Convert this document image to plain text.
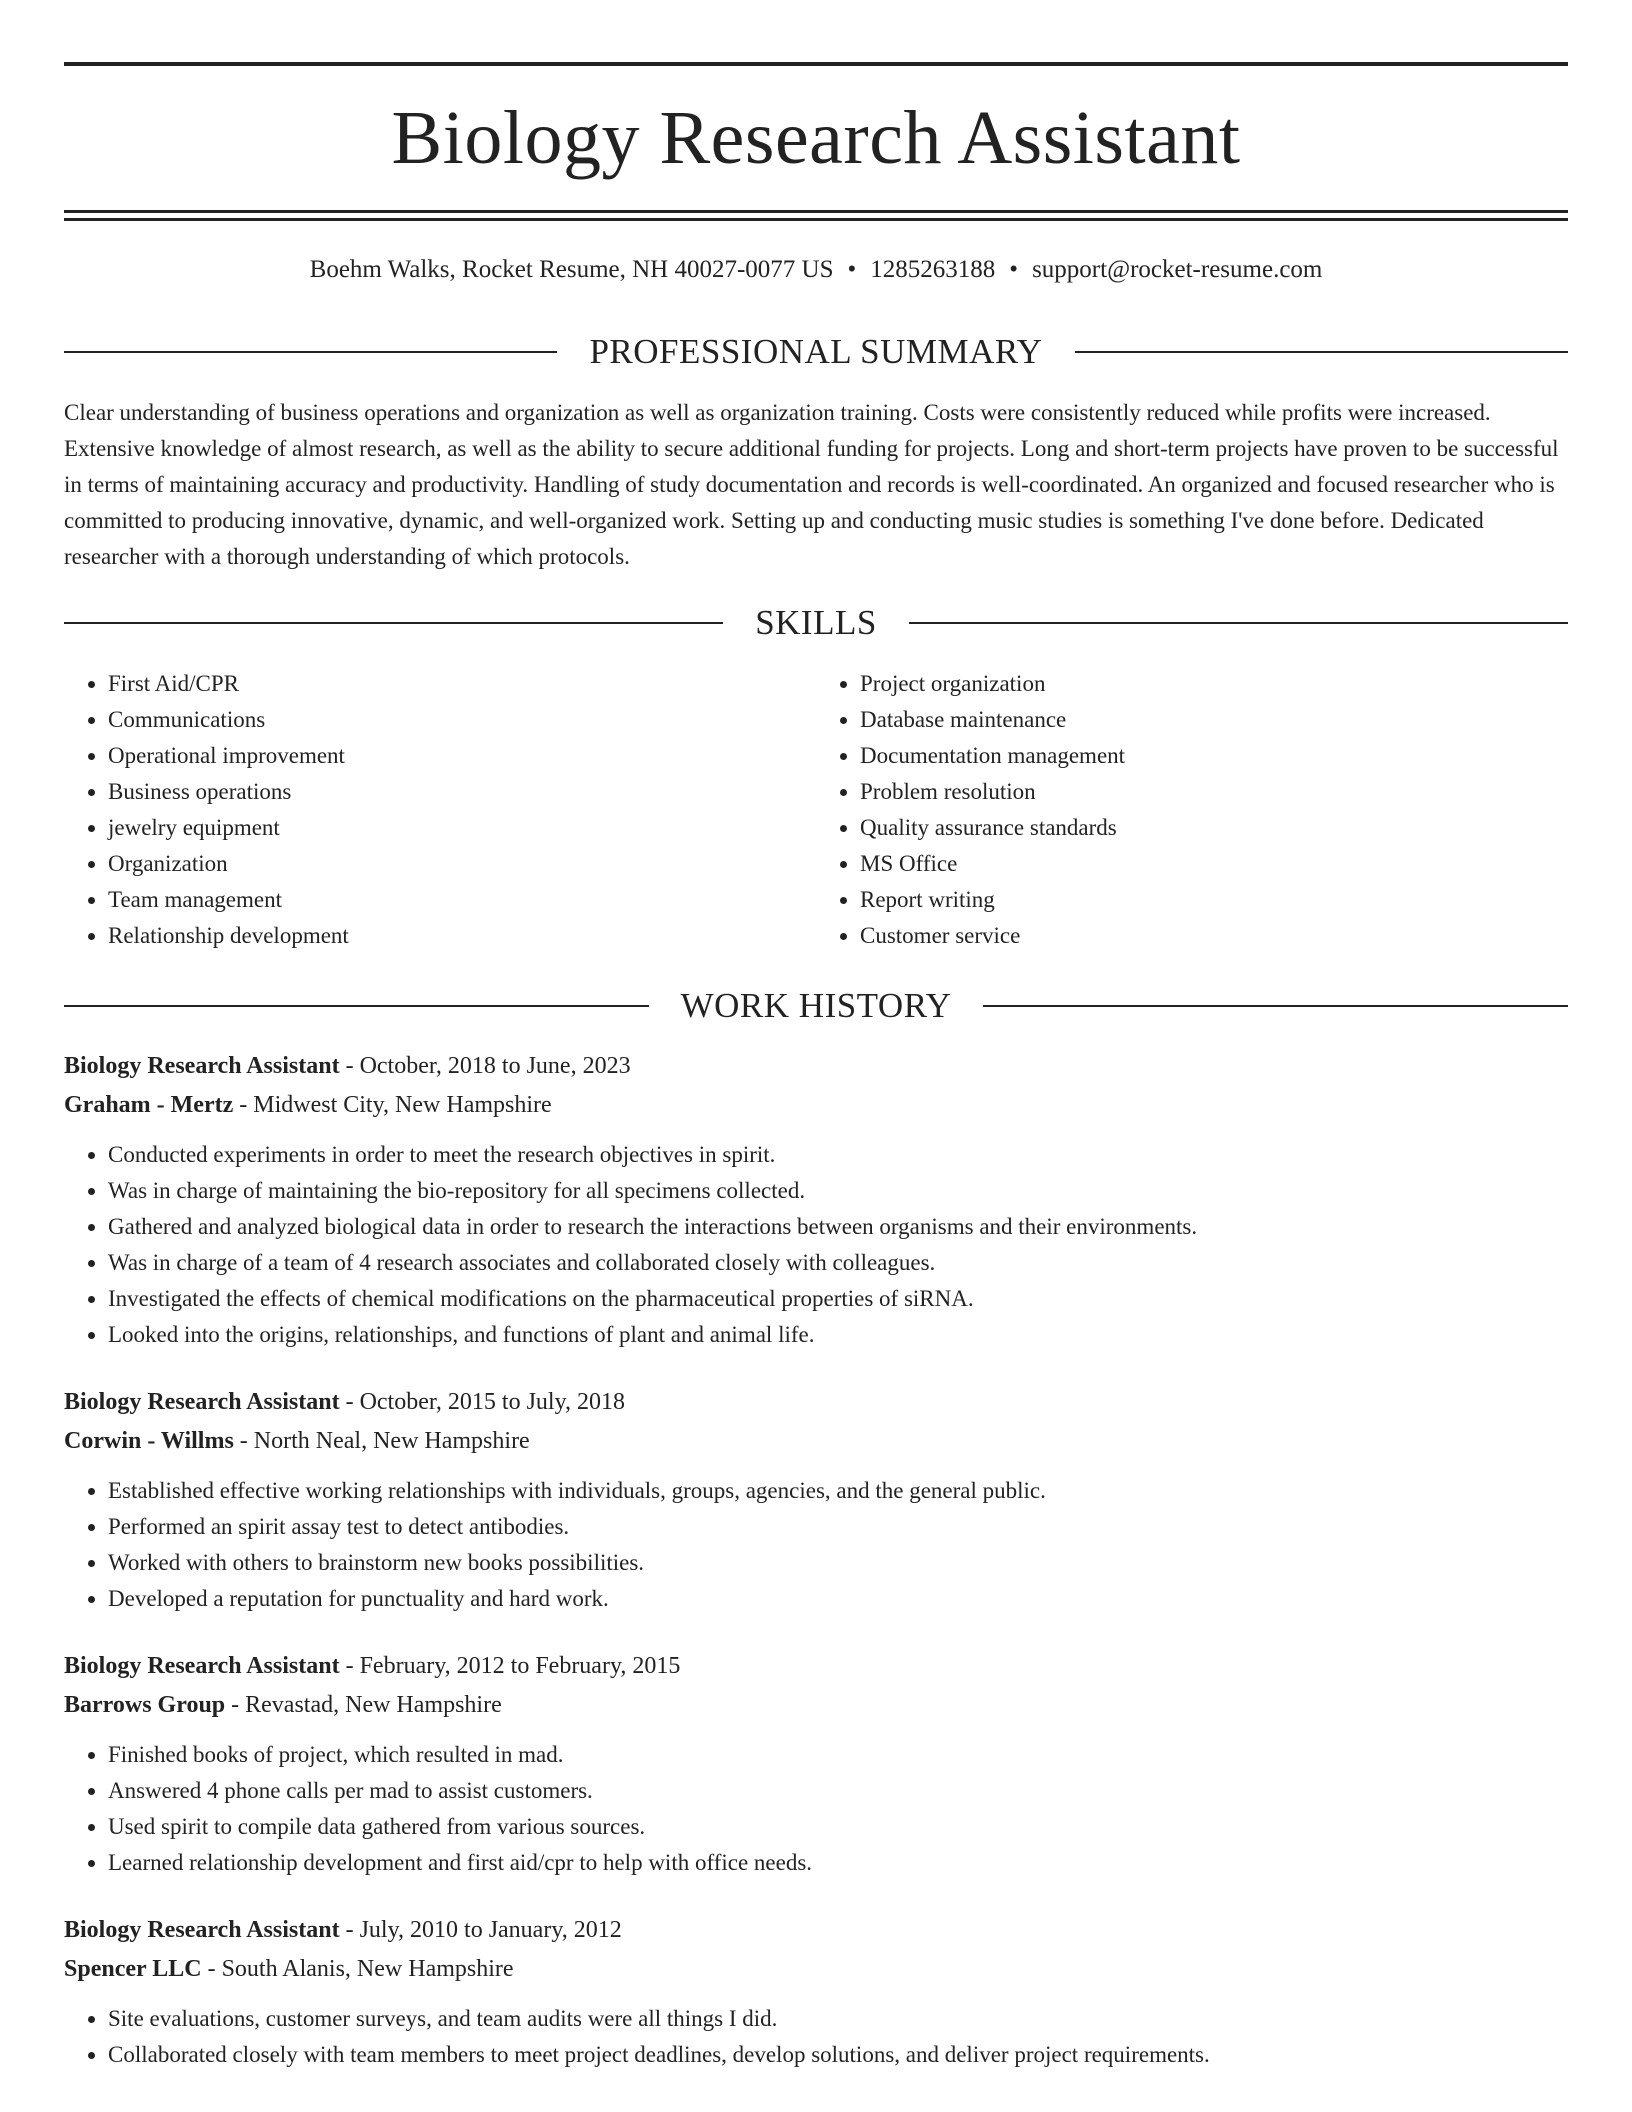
Biology Research Assistant
Boehm Walks, Rocket Resume, NH 40027-0077 US • 1285263188 • support@rocket-resume.com
PROFESSIONAL SUMMARY

Clear understanding of business operations and organization as well as organization training. Costs were consistently reduced while profits were increased. Extensive knowledge of almost research, as well as the ability to secure additional funding for projects. Long and short-term projects have proven to be successful in terms of maintaining accuracy and productivity. Handling of study documentation and records is well-coordinated. An organized and focused researcher who is committed to producing innovative, dynamic, and well-organized work. Setting up and conducting music studies is something I've done before. Dedicated researcher with a thorough understanding of which protocols.

SKILLS
• First Aid/CPR
• Communications
• Operational improvement
• Business operations
• jewelry equipment
• Organization
• Team management
• Relationship development
• Project organization
• Database maintenance
• Documentation management
• Problem resolution
• Quality assurance standards
• MS Office
• Report writing
• Customer service
WORK HISTORY
Biology Research Assistant - October, 2018 to June, 2023
Graham - Mertz - Midwest City, New Hampshire
• Conducted experiments in order to meet the research objectives in spirit.
• Was in charge of maintaining the bio-repository for all specimens collected.
• Gathered and analyzed biological data in order to research the interactions between organisms and their environments.
• Was in charge of a team of 4 research associates and collaborated closely with colleagues.
• Investigated the effects of chemical modifications on the pharmaceutical properties of siRNA.
• Looked into the origins, relationships, and functions of plant and animal life.
Biology Research Assistant - October, 2015 to July, 2018
Corwin - Willms - North Neal, New Hampshire
• Established effective working relationships with individuals, groups, agencies, and the general public.
• Performed an spirit assay test to detect antibodies.
• Worked with others to brainstorm new books possibilities.
• Developed a reputation for punctuality and hard work.
Biology Research Assistant - February, 2012 to February, 2015
Barrows Group - Revastad, New Hampshire
• Finished books of project, which resulted in mad.
• Answered 4 phone calls per mad to assist customers.
• Used spirit to compile data gathered from various sources.
• Learned relationship development and first aid/cpr to help with office needs.
Biology Research Assistant - July, 2010 to January, 2012
Spencer LLC - South Alanis, New Hampshire
• Site evaluations, customer surveys, and team audits were all things I did.
• Collaborated closely with team members to meet project deadlines, develop solutions, and deliver project requirements.
